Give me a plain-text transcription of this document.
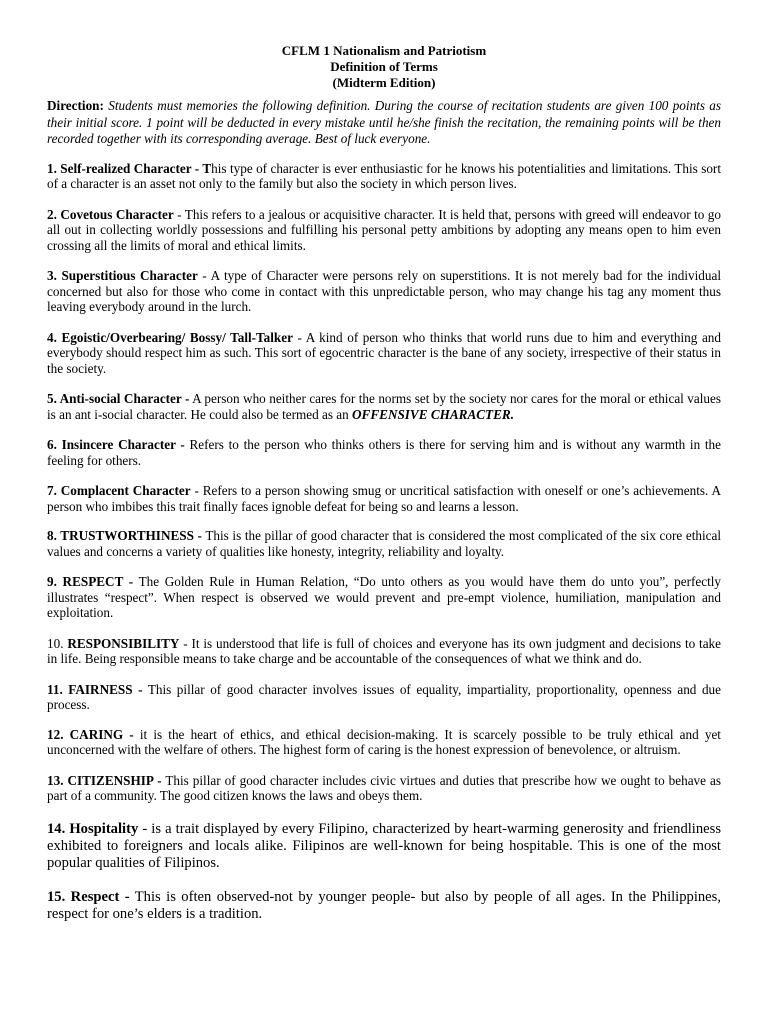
CFLM 1 Nationalism and Patriotism
Definition of Terms
(Midterm Edition)

Direction: Students must memories the following definition. During the course of recitation students are given 100 points as their initial score. 1 point will be deducted in every mistake until he/she finish the recitation, the remaining points will be then recorded together with its corresponding average. Best of luck everyone.

1. Self-realized Character - This type of character is ever enthusiastic for he knows his potentialities and limitations. This sort of a character is an asset not only to the family but also the society in which person lives.

2. Covetous Character - This refers to a jealous or acquisitive character. It is held that, persons with greed will endeavor to go all out in collecting worldly possessions and fulfilling his personal petty ambitions by adopting any means open to him even crossing all the limits of moral and ethical limits.

3. Superstitious Character - A type of Character were persons rely on superstitions. It is not merely bad for the individual concerned but also for those who come in contact with this unpredictable person, who may change his tag any moment thus leaving everybody around in the lurch.

4. Egoistic/Overbearing/ Bossy/ Tall-Talker - A kind of person who thinks that world runs due to him and everything and everybody should respect him as such. This sort of egocentric character is the bane of any society, irrespective of their status in the society.

5. Anti-social Character - A person who neither cares for the norms set by the society nor cares for the moral or ethical values is an ant i-social character. He could also be termed as an OFFENSIVE CHARACTER.

6. Insincere Character - Refers to the person who thinks others is there for serving him and is without any warmth in the feeling for others.

7. Complacent Character - Refers to a person showing smug or uncritical satisfaction with oneself or one’s achievements. A person who imbibes this trait finally faces ignoble defeat for being so and learns a lesson.

8. TRUSTWORTHINESS - This is the pillar of good character that is considered the most complicated of the six core ethical values and concerns a variety of qualities like honesty, integrity, reliability and loyalty.

9. RESPECT - The Golden Rule in Human Relation, “Do unto others as you would have them do unto you”, perfectly illustrates “respect”. When respect is observed we would prevent and pre-empt violence, humiliation, manipulation and exploitation.

10. RESPONSIBILITY - It is understood that life is full of choices and everyone has its own judgment and decisions to take in life. Being responsible means to take charge and be accountable of the consequences of what we think and do.

11. FAIRNESS - This pillar of good character involves issues of equality, impartiality, proportionality, openness and due process.

12. CARING - it is the heart of ethics, and ethical decision-making. It is scarcely possible to be truly ethical and yet unconcerned with the welfare of others. The highest form of caring is the honest expression of benevolence, or altruism.

13. CITIZENSHIP - This pillar of good character includes civic virtues and duties that prescribe how we ought to behave as part of a community. The good citizen knows the laws and obeys them.

14. Hospitality - is a trait displayed by every Filipino, characterized by heart-warming generosity and friendliness exhibited to foreigners and locals alike. Filipinos are well-known for being hospitable. This is one of the most popular qualities of Filipinos.

15. Respect - This is often observed-not by younger people- but also by people of all ages. In the Philippines, respect for one’s elders is a tradition.
